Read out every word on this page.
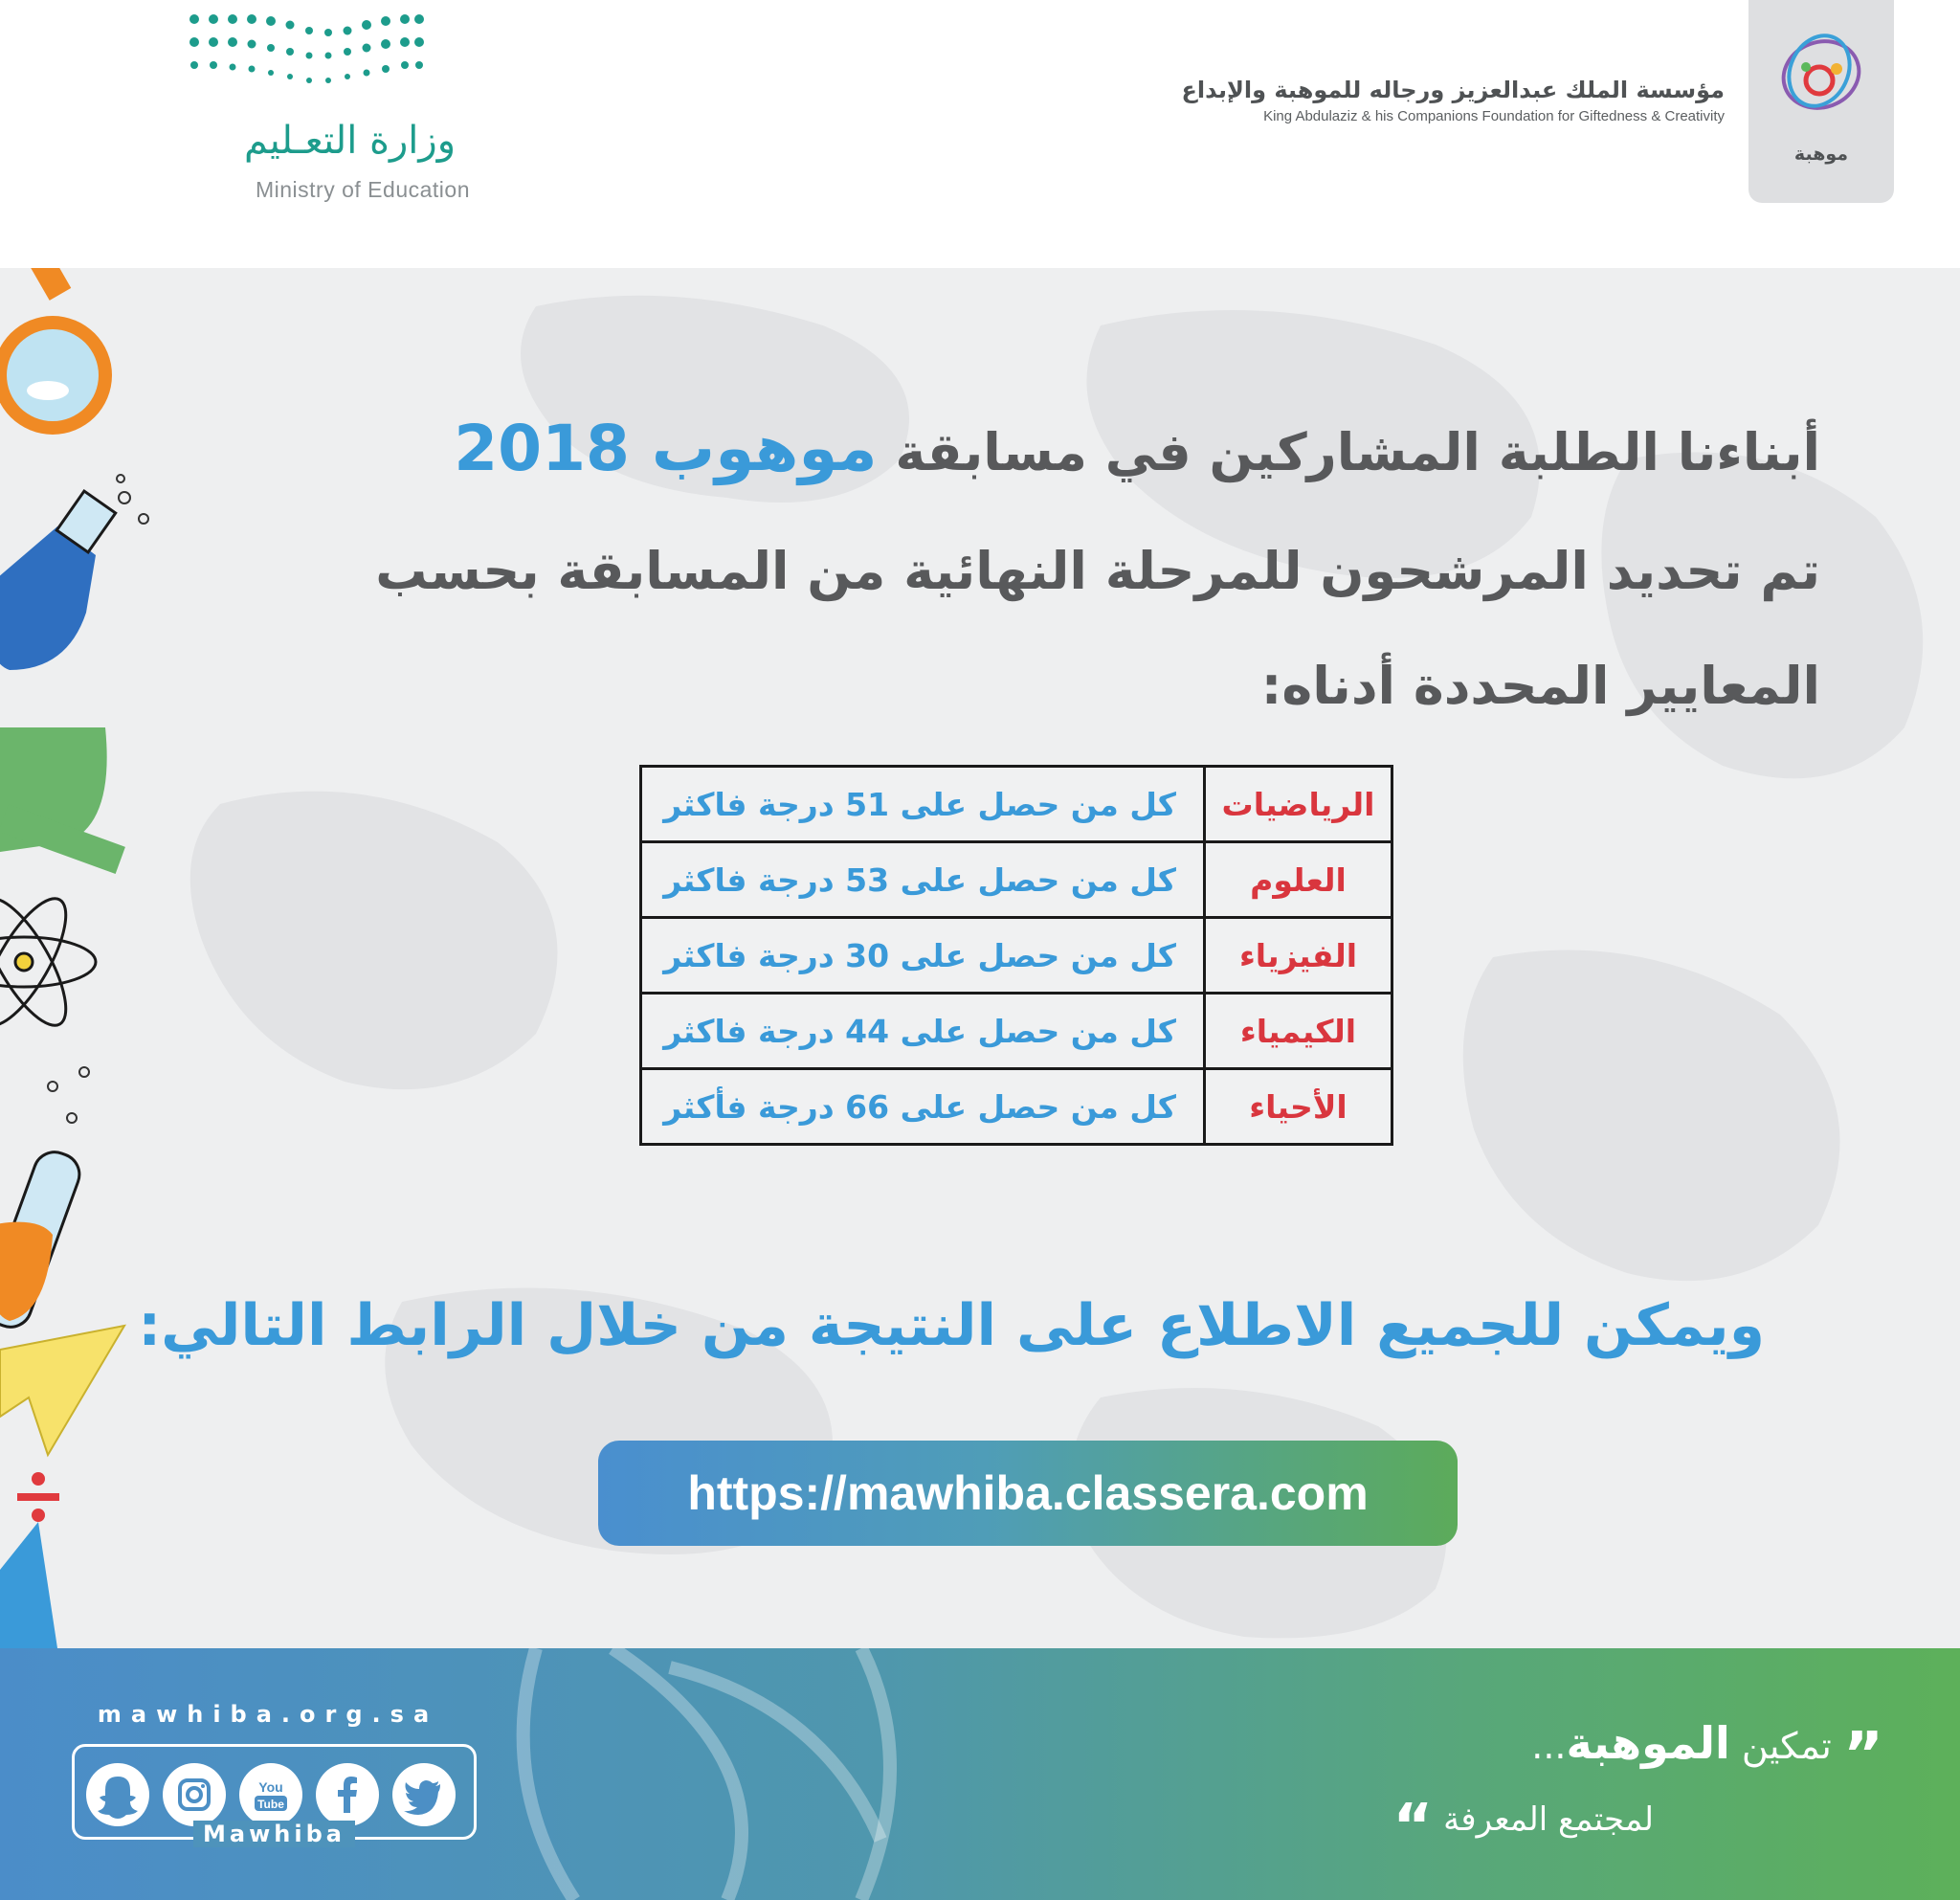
وزارة التعـليم
Ministry of Education
مؤسسة الملك عبدالعزيز ورجاله للموهبة والإبداع
King Abdulaziz & his Companions Foundation for Giftedness & Creativity
موهبة
أبناءنا الطلبة المشاركين في مسابقة موهوب 2018
تم تحديد المرشحون للمرحلة النهائية من المسابقة بحسب
المعايير المحددة أدناه:
الرياضيات	كل من حصل على 51 درجة فاكثر
العلوم	كل من حصل على 53 درجة فاكثر
الفيزياء	كل من حصل على 30 درجة فاكثر
الكيمياء	كل من حصل على 44 درجة فاكثر
الأحياء	كل من حصل على 66 درجة فأكثر
ويمكن للجميع الاطلاع على النتيجة من خلال الرابط التالي:
https://mawhiba.classera.com
mawhiba.org.sa
You
Tube
Mawhiba
” تمكين الموهبة...
لمجتمع المعرفة “
